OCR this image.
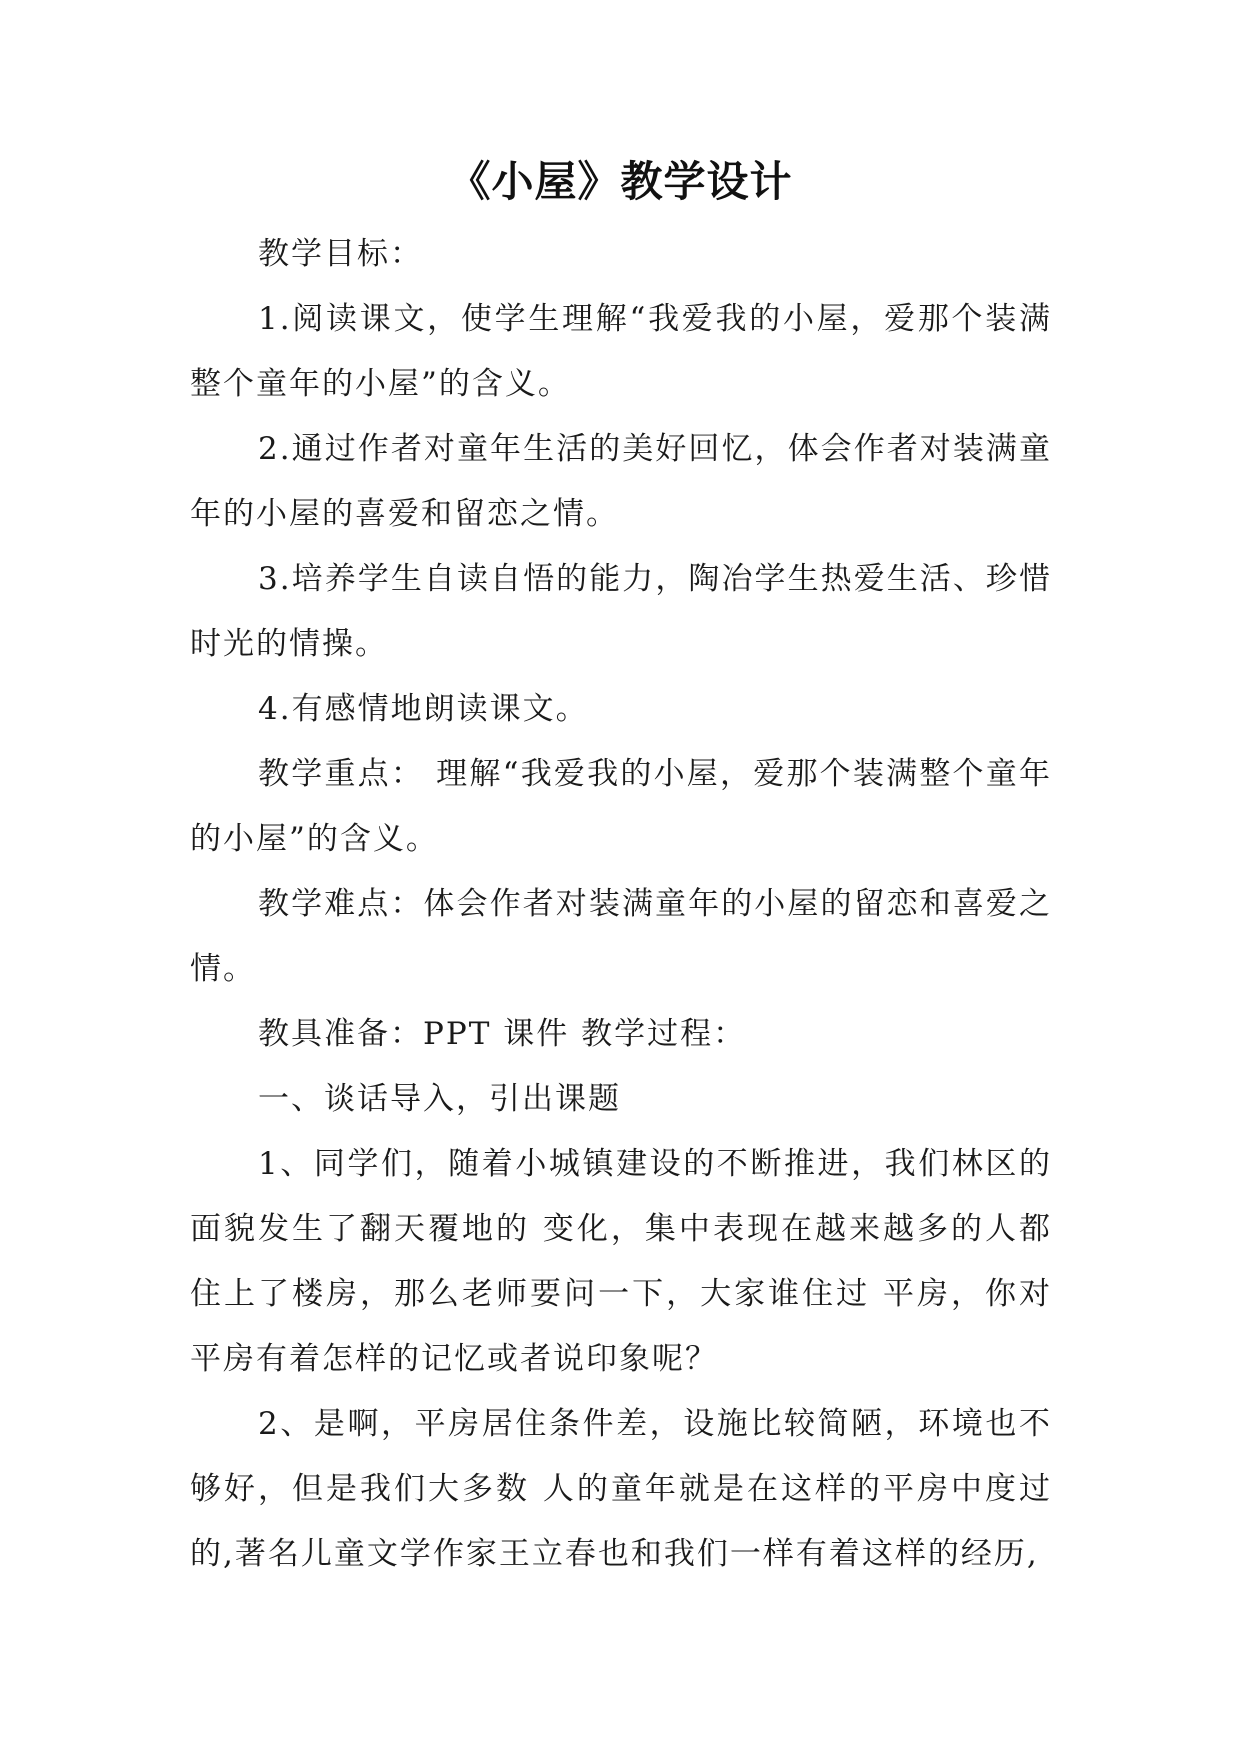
《小屋》教学设计

教学目标：

1.阅读课文，使学生理解“我爱我的小屋，爱那个装满整个童年的小屋”的含义。

2.通过作者对童年生活的美好回忆，体会作者对装满童年的小屋的喜爱和留恋之情。

3.培养学生自读自悟的能力，陶冶学生热爱生活、珍惜时光的情操。

4.有感情地朗读课文。

教学重点： 理解“我爱我的小屋，爱那个装满整个童年的小屋”的含义。

教学难点：体会作者对装满童年的小屋的留恋和喜爱之情。

教具准备：PPT 课件 教学过程：

一、谈话导入，引出课题

1、同学们，随着小城镇建设的不断推进，我们林区的面貌发生了翻天覆地的 变化，集中表现在越来越多的人都住上了楼房，那么老师要问一下，大家谁住过 平房，你对平房有着怎样的记忆或者说印象呢？

2、是啊，平房居住条件差，设施比较简陋，环境也不够好，但是我们大多数 人的童年就是在这样的平房中度过的,著名儿童文学作家王立春也和我们一样有着这样的经历,
